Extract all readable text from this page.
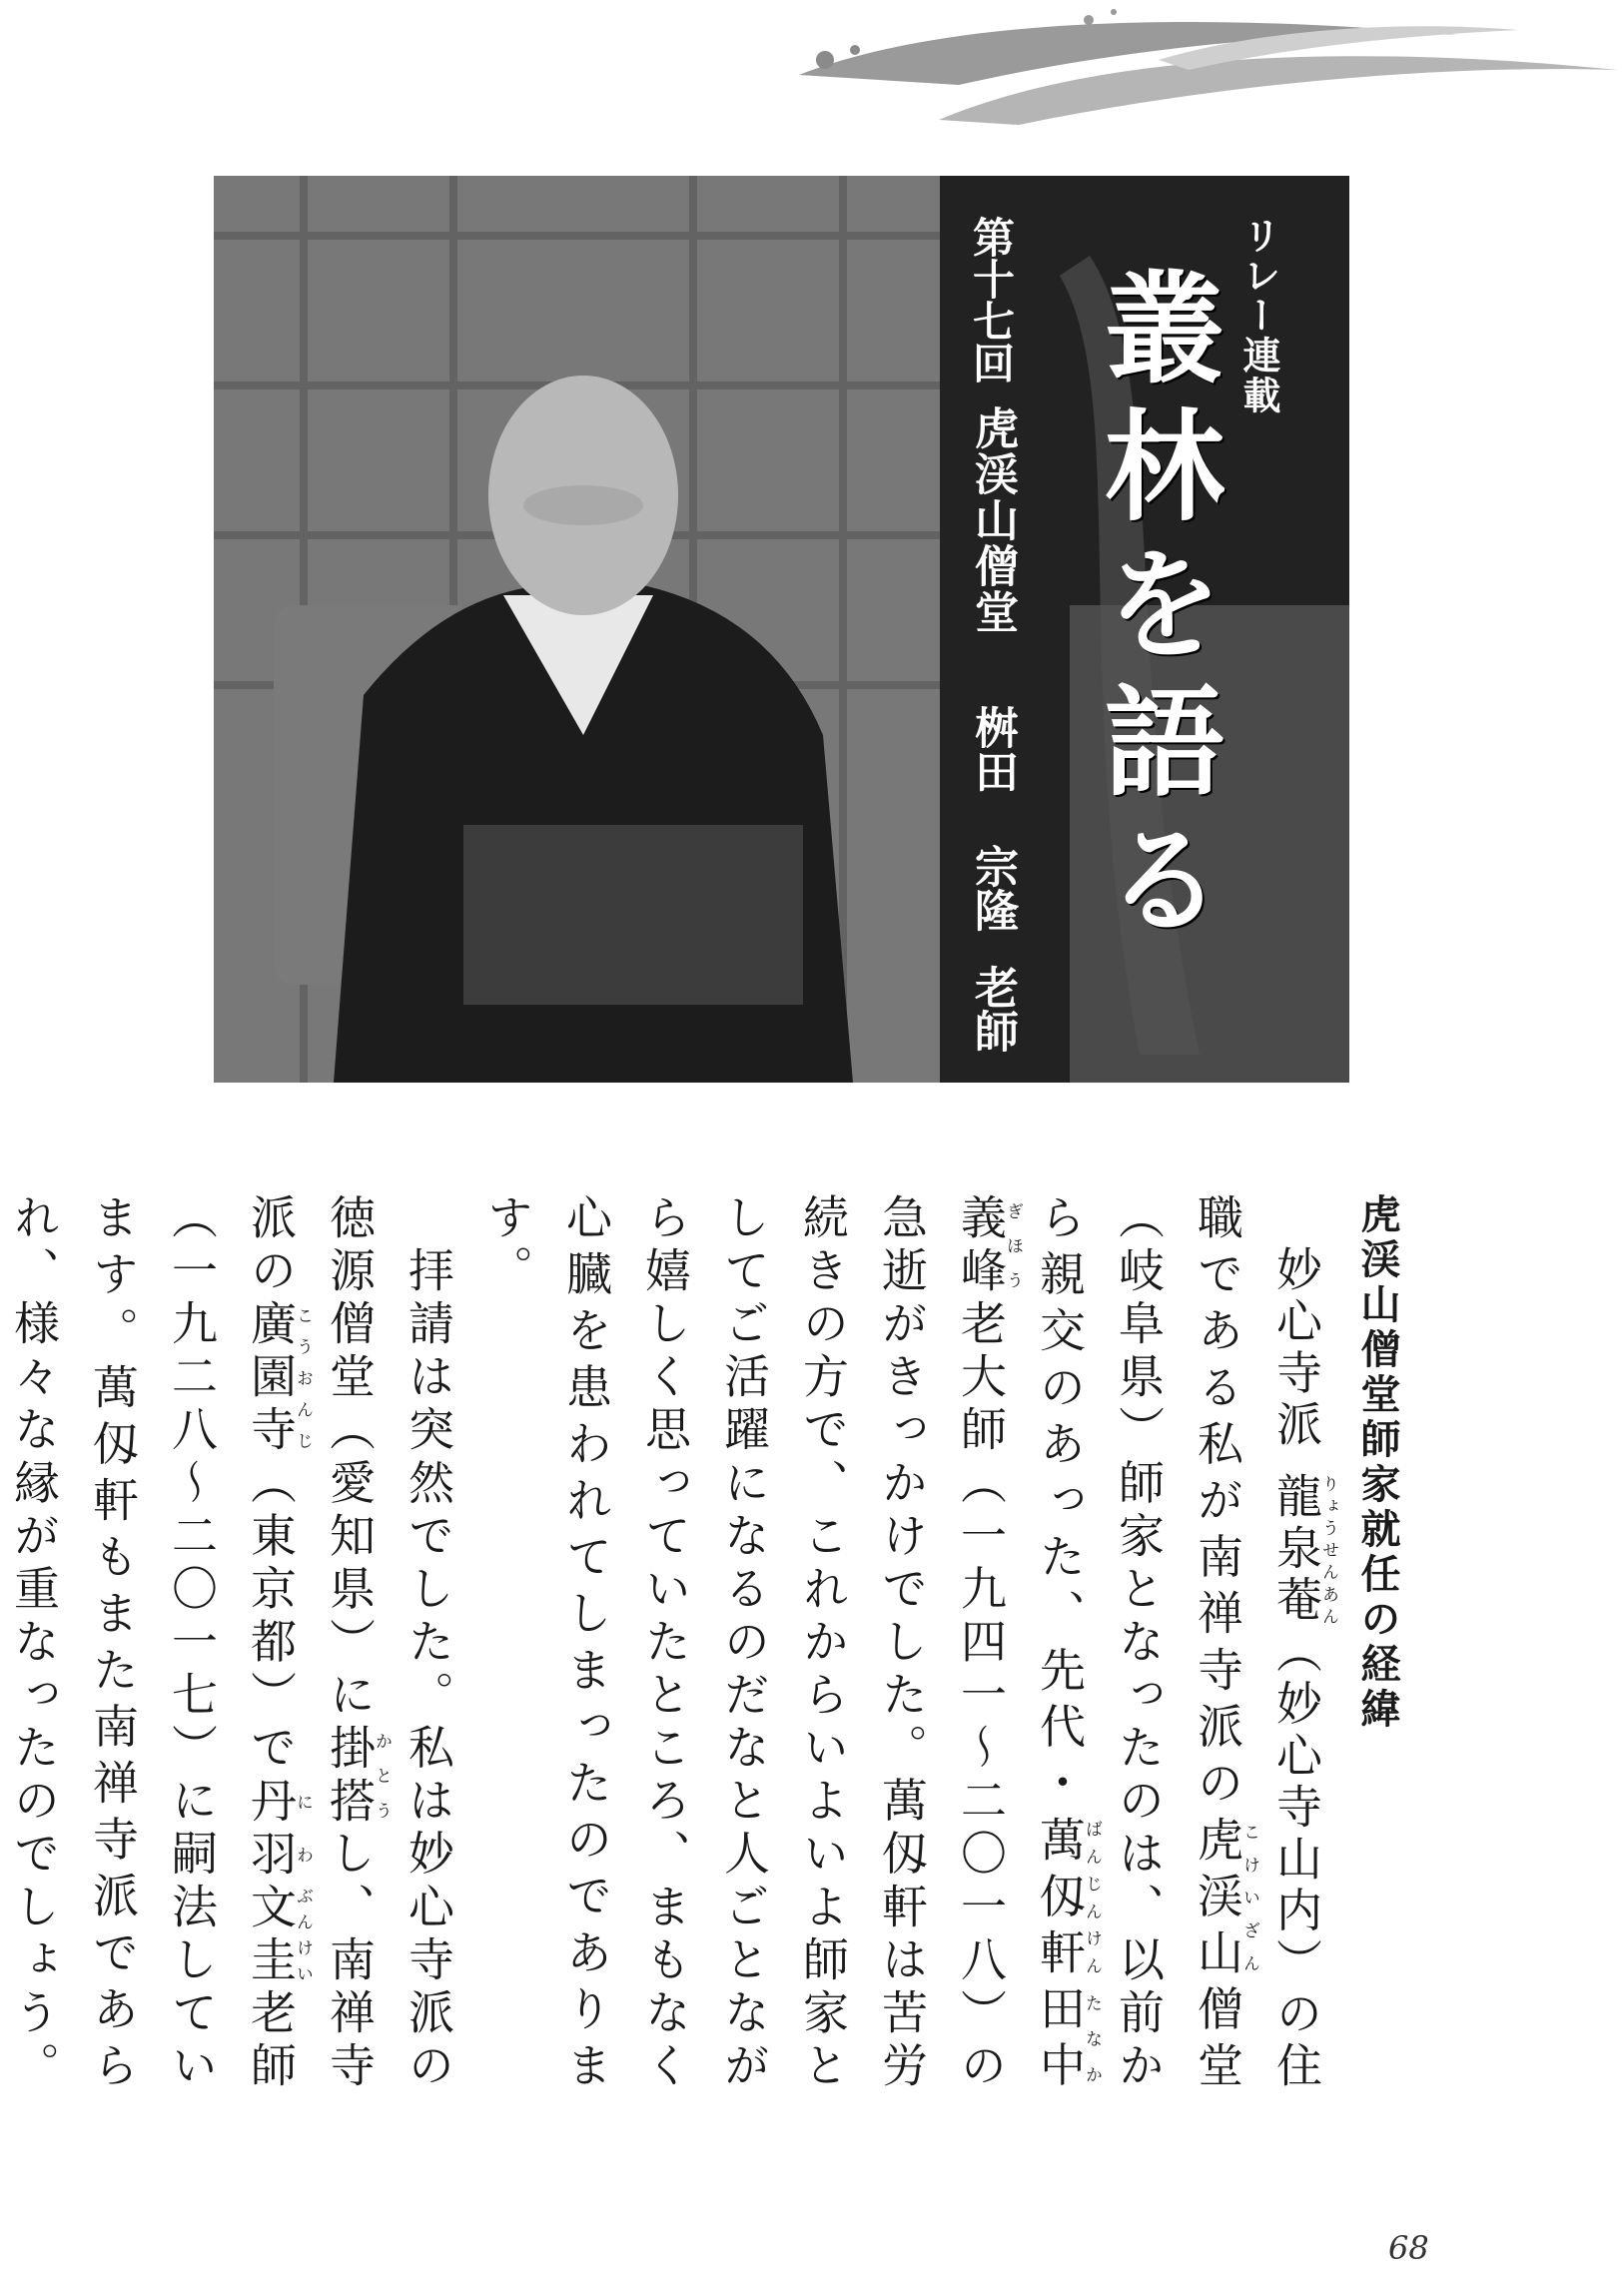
リレー連載
叢林を語る
第十七回
虎渓山僧堂
桝田 宗隆
老師

虎渓山僧堂師家就任の経緯

　妙心寺派 龍泉菴りょうせんあん（妙心寺山内）の住職である私が南禅寺派の虎渓山こけいざん僧堂（岐阜県）師家となったのは、以前から親交のあった、先代・萬仭軒ばんじんけん田中たなか義峰ぎほう老大師（一九四一～二〇一八）の急逝がきっかけでした。萬仭軒は苦労続きの方で、これからいよいよ師家としてご活躍になるのだなと人ごとながら嬉しく思っていたところ、まもなく心臓を患われてしまったのであります。

　拝請は突然でした。私は妙心寺派の徳源僧堂（愛知県）に掛搭かとうし、南禅寺派の廣園寺こうおんじ（東京都）で丹羽にわ文圭ぶんけい老師（一九二八～二〇一七）に嗣法しています。萬仭軒もまた南禅寺派であられ、様々な縁が重なったのでしょう。

68
